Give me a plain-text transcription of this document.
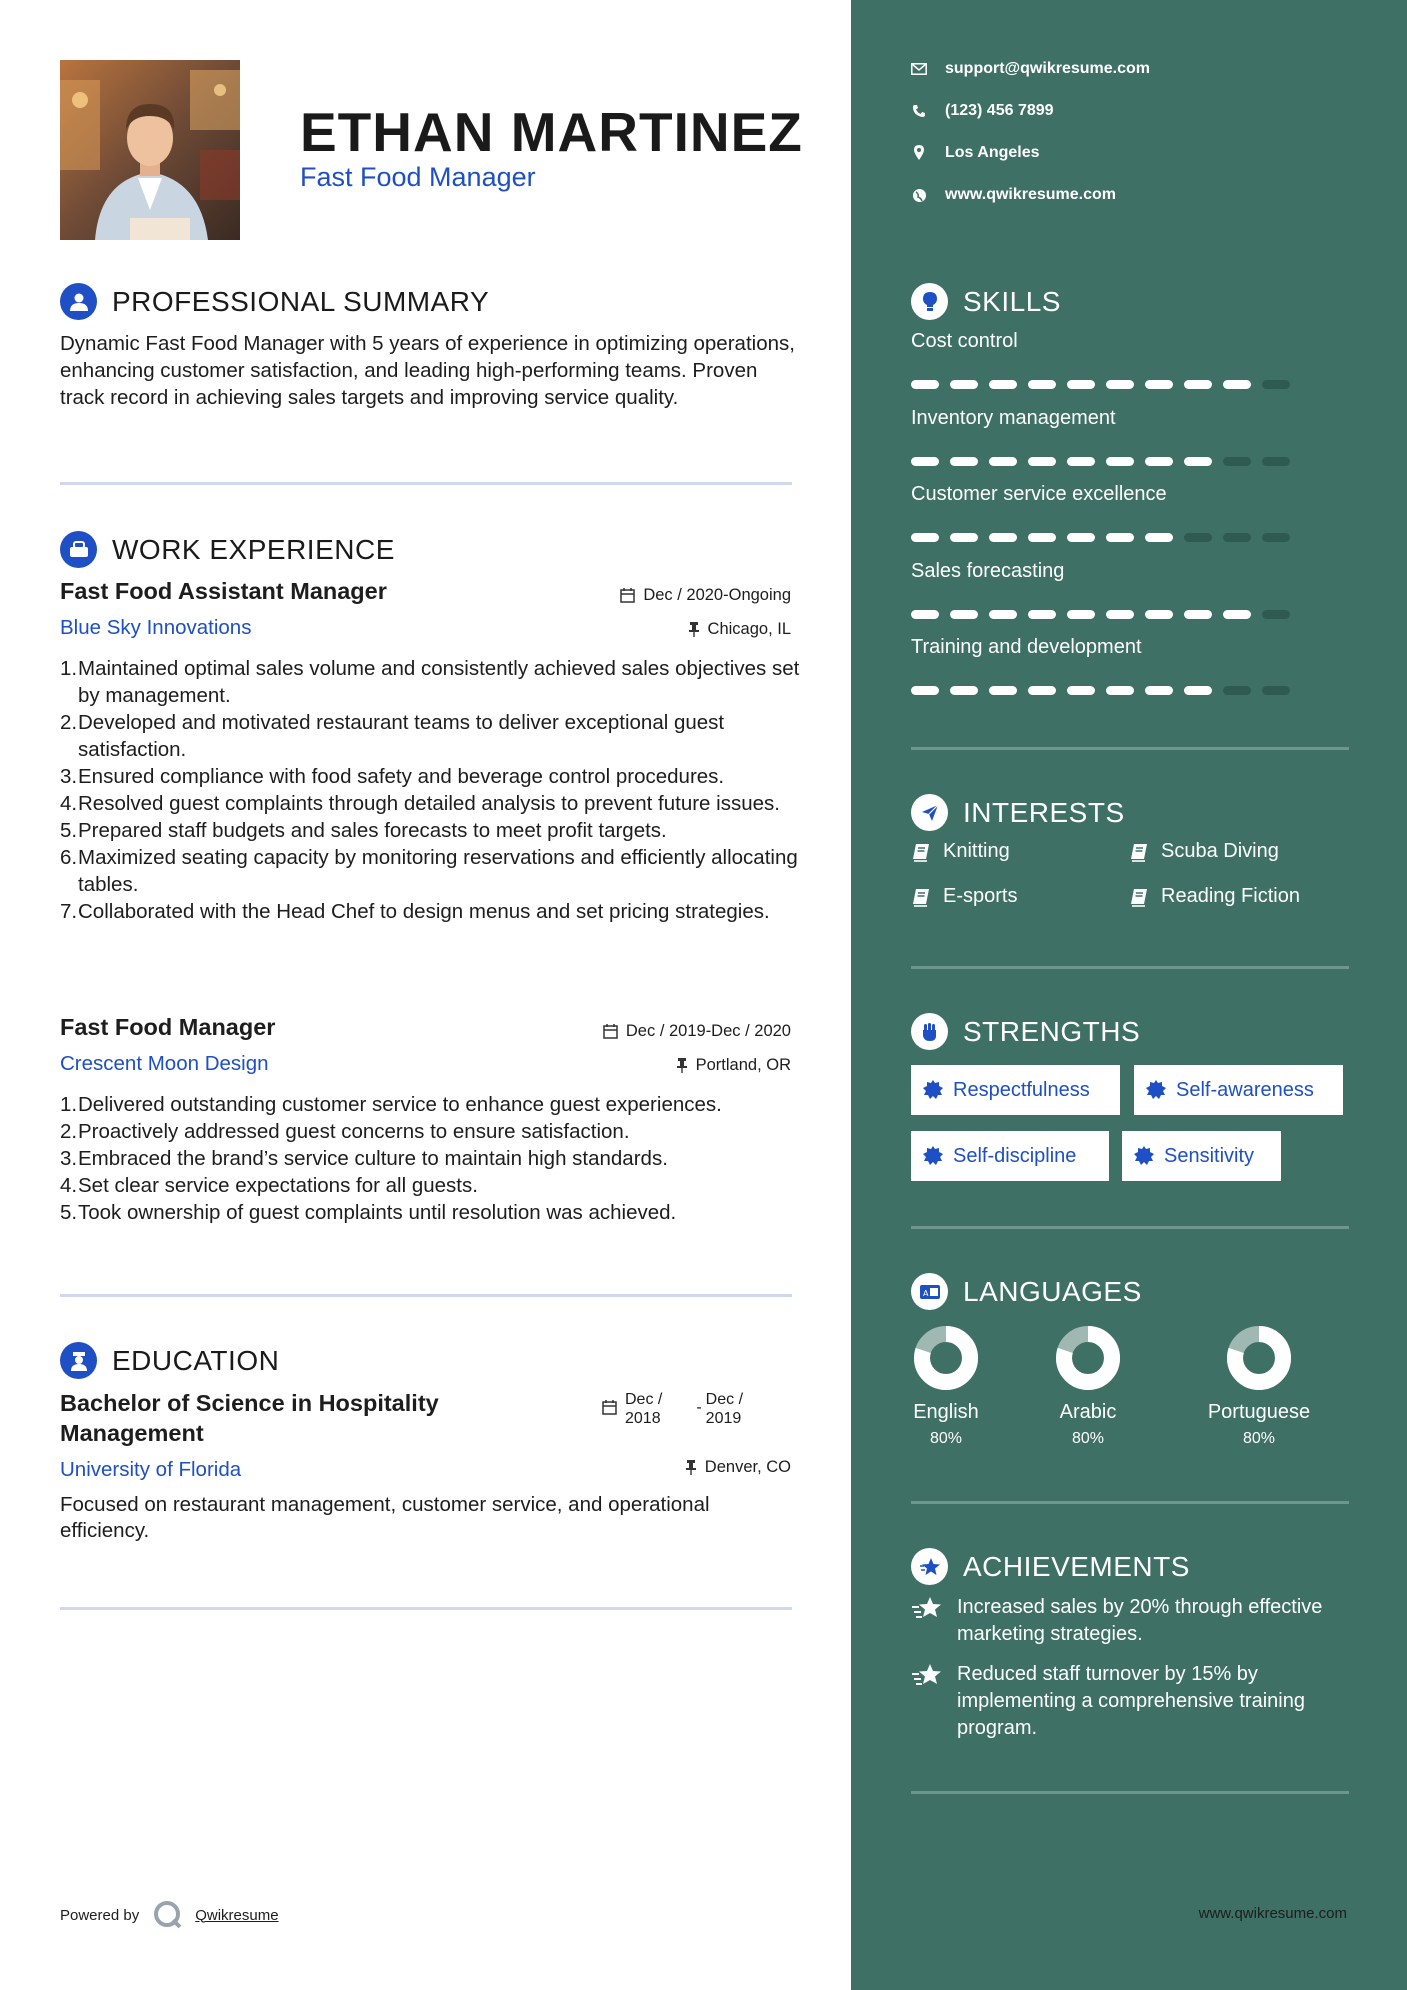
ETHAN MARTINEZ
Fast Food Manager
PROFESSIONAL SUMMARY
Dynamic Fast Food Manager with 5 years of experience in optimizing operations, enhancing customer satisfaction, and leading high-performing teams. Proven track record in achieving sales targets and improving service quality.
WORK EXPERIENCE
Fast Food Assistant Manager	Dec / 2020-Ongoing
Blue Sky Innovations	Chicago, IL
1. Maintained optimal sales volume and consistently achieved sales objectives set by management.
2. Developed and motivated restaurant teams to deliver exceptional guest satisfaction.
3. Ensured compliance with food safety and beverage control procedures.
4. Resolved guest complaints through detailed analysis to prevent future issues.
5. Prepared staff budgets and sales forecasts to meet profit targets.
6. Maximized seating capacity by monitoring reservations and efficiently allocating tables.
7. Collaborated with the Head Chef to design menus and set pricing strategies.
Fast Food Manager	Dec / 2019-Dec / 2020
Crescent Moon Design	Portland, OR
1. Delivered outstanding customer service to enhance guest experiences.
2. Proactively addressed guest concerns to ensure satisfaction.
3. Embraced the brand’s service culture to maintain high standards.
4. Set clear service expectations for all guests.
5. Took ownership of guest complaints until resolution was achieved.
EDUCATION
Bachelor of Science in Hospitality Management
Dec /
2018
- Dec /
2019
University of Florida	Denver, CO
Focused on restaurant management, customer service, and operational efficiency.
Powered by	Qwikresume
support@qwikresume.com
(123) 456 7899
Los Angeles
www.qwikresume.com
SKILLS
Cost control
Inventory management
Customer service excellence
Sales forecasting
Training and development
INTERESTS
Knitting	Scuba Diving
E-sports	Reading Fiction
STRENGTHS
Respectfulness	Self-awareness
Self-discipline	Sensitivity
A LANGUAGES
English
80%
Arabic
80%
Portuguese
80%
ACHIEVEMENTS
Increased sales by 20% through effective marketing strategies.
Reduced staff turnover by 15% by implementing a comprehensive training program.
www.qwikresume.com
